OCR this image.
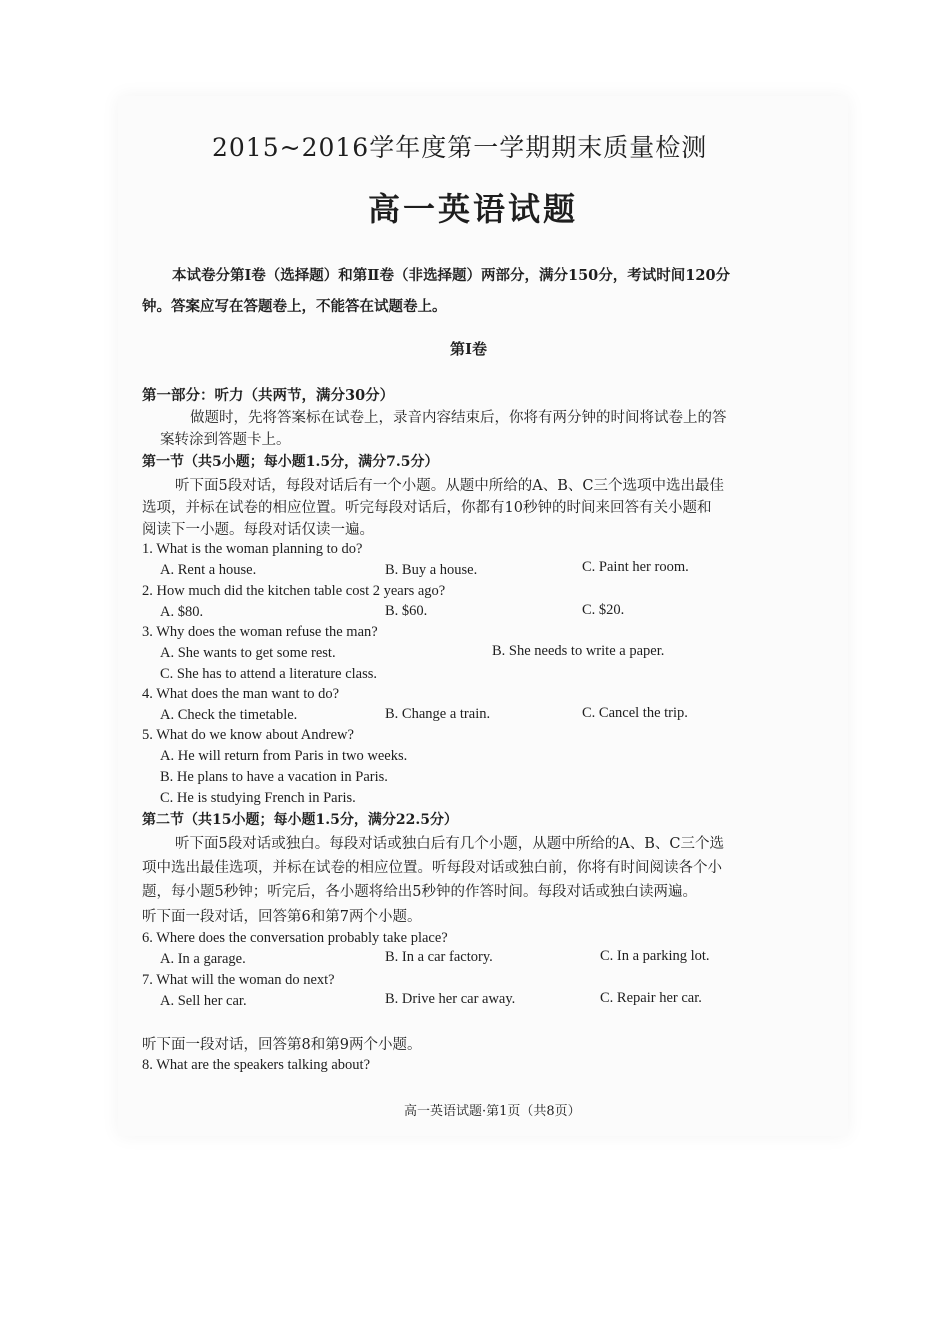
2015~2016学年度第一学期期末质量检测
高一英语试题
本试卷分第Ⅰ卷（选择题）和第Ⅱ卷（非选择题）两部分，满分150分，考试时间120分
钟。答案应写在答题卷上，不能答在试题卷上。
第Ⅰ卷
第一部分：听力（共两节，满分30分）
做题时，先将答案标在试卷上，录音内容结束后，你将有两分钟的时间将试卷上的答
案转涂到答题卡上。
第一节（共5小题；每小题1.5分，满分7.5分）
听下面5段对话，每段对话后有一个小题。从题中所给的A、B、C三个选项中选出最佳
选项，并标在试卷的相应位置。听完每段对话后，你都有10秒钟的时间来回答有关小题和
阅读下一小题。每段对话仅读一遍。
1. What is the woman planning to do?
A. Rent a house.	B. Buy a house.	C. Paint her room.
2. How much did the kitchen table cost 2 years ago?
A. $80.	B. $60.	C. $20.
3. Why does the woman refuse the man?
A. She wants to get some rest.	B. She needs to write a paper.
C. She has to attend a literature class.
4. What does the man want to do?
A. Check the timetable.	B. Change a train.	C. Cancel the trip.
5. What do we know about Andrew?
A. He will return from Paris in two weeks.
B. He plans to have a vacation in Paris.
C. He is studying French in Paris.
第二节（共15小题；每小题1.5分，满分22.5分）
听下面5段对话或独白。每段对话或独白后有几个小题，从题中所给的A、B、C三个选
项中选出最佳选项，并标在试卷的相应位置。听每段对话或独白前，你将有时间阅读各个小
题，每小题5秒钟；听完后，各小题将给出5秒钟的作答时间。每段对话或独白读两遍。
听下面一段对话，回答第6和第7两个小题。
6. Where does the conversation probably take place?
A. In a garage.	B. In a car factory.	C. In a parking lot.
7. What will the woman do next?
A. Sell her car.	B. Drive her car away.	C. Repair her car.
听下面一段对话，回答第8和第9两个小题。
8. What are the speakers talking about?
高一英语试题·第1页（共8页）
